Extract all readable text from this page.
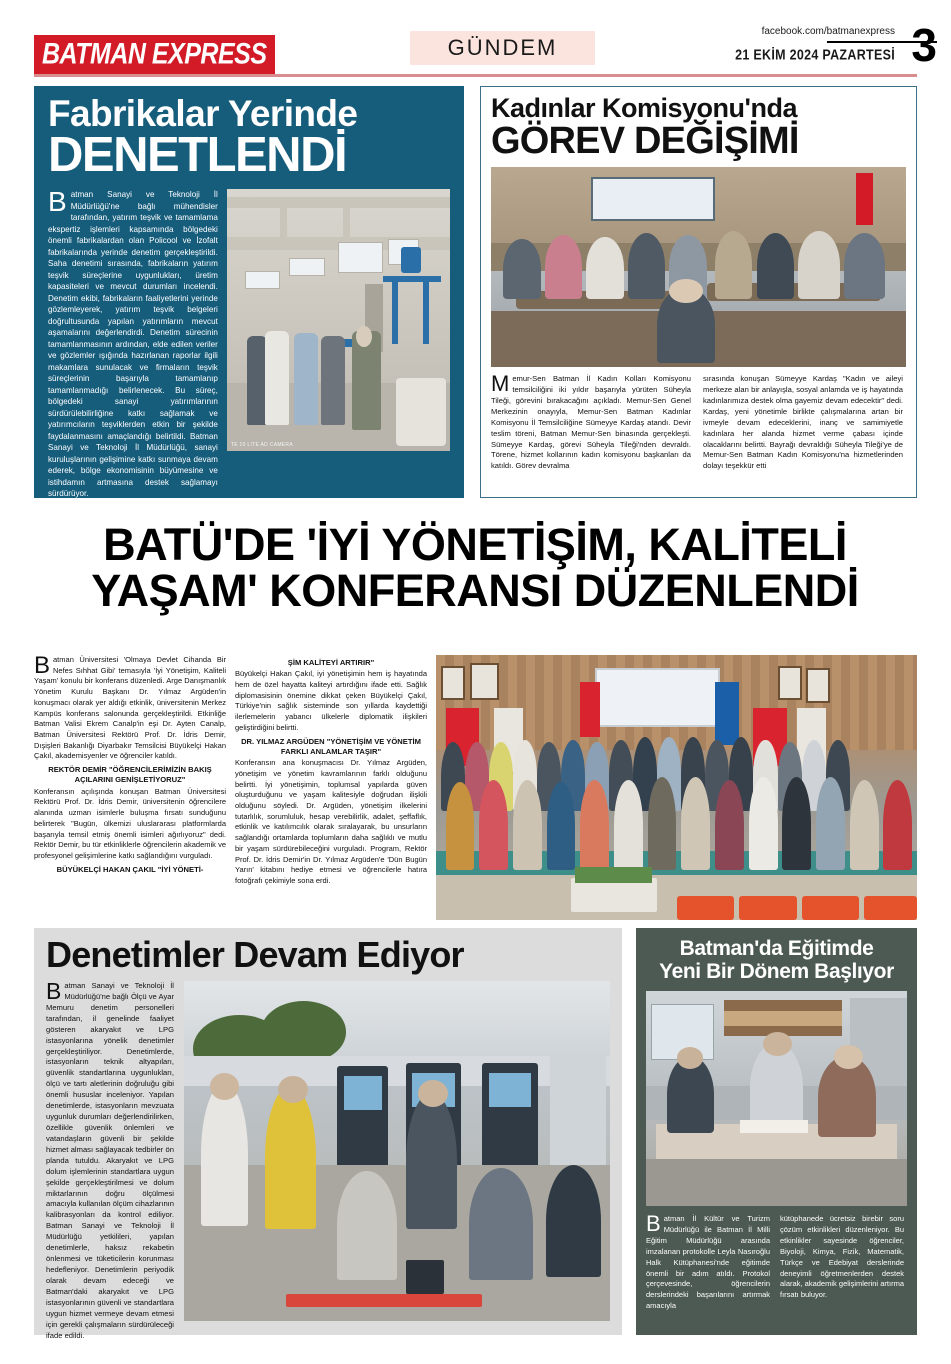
BATMAN EXPRESS	GÜNDEM
facebook.com/batmanexpress
21 EKİM 2024 PAZARTESİ 3
Fabrikalar Yerinde
DENETLENDİ
Batman Sanayi ve Teknoloji İl Müdürlüğü'ne bağlı mühendisler tarafından, yatırım teşvik ve tamamlama ekspertiz işlemleri kapsamında bölgedeki önemli fabrikalardan olan Policool ve İzofalt fabrikalarında yerinde denetim gerçekleştirildi. Saha denetimi sırasında, fabrikaların yatırım teşvik süreçlerine uygunlukları, üretim kapasiteleri ve mevcut durumları incelendi. Denetim ekibi, fabrikaların faaliyetlerini yerinde gözlemleyerek, yatırım teşvik belgeleri doğrultusunda yapılan yatırımların mevcut aşamalarını değerlendirdi. Denetim sürecinin tamamlanmasının ardından, elde edilen veriler ve gözlemler ışığında hazırlanan raporlar ilgili makamlara sunulacak ve firmaların teşvik süreçlerinin başarıyla tamamlanıp tamamlanmadığı belirlenecek. Bu süreç, bölgedeki sanayi yatırımlarının sürdürülebilirliğine katkı sağlamak ve yatırımcıların teşviklerden etkin bir şekilde faydalanmasını amaçlandığı belirtildi. Batman Sanayi ve Teknoloji İl Müdürlüğü, sanayi kuruluşlarının gelişimine katkı sunmaya devam ederek, bölge ekonomisinin büyümesine ve istihdamın artmasına destek sağlamayı sürdürüyor.
TE 10 LITE AD CAMERA
Kadınlar Komisyonu'nda
GÖREV DEĞİŞİMİ
Memur-Sen Batman İl Kadın Kolları Komisyonu temsilciliğini iki yıldır başarıyla yürüten Süheyla Tileği, görevini bırakacağını açıkladı. Memur-Sen Genel Merkezinin onayıyla, Memur-Sen Batman Kadınlar Komisyonu İl Temsilciliğine Sümeyye Kardaş atandı. Devir teslim töreni, Batman Memur-Sen binasında gerçekleşti. Sümeyye Kardaş, görevi Süheyla Tileği'nden devraldı. Törene, hizmet kollarının kadın komisyonu başkanları da katıldı. Görev devralma
sırasında konuşan Sümeyye Kardaş "Kadın ve aileyi merkeze alan bir anlayışla, sosyal anlamda ve iş hayatında kadınlarımıza destek olma gayemiz devam edecektir" dedi. Kardaş, yeni yönetimle birlikte çalışmalarına artan bir ivmeyle devam edeceklerini, inanç ve samimiyetle kadınlara her alanda hizmet verme çabası içinde olacaklarını belirtti. Bayrağı devraldığı Süheyla Tileği'ye de Memur-Sen Batman Kadın Komisyonu'na hizmetlerinden dolayı teşekkür etti
BATÜ'DE 'İYİ YÖNETİŞİM, KALİTELİ
YAŞAM' KONFERANSI DÜZENLENDİ
Batman Üniversitesi 'Olmaya Devlet Cihanda Bir Nefes Sıhhat Gibi' temasıyla 'İyi Yönetişim, Kaliteli Yaşam' konulu bir konferans düzenledi. Arge Danışmanlık Yönetim Kurulu Başkanı Dr. Yılmaz Argüden'in konuşmacı olarak yer aldığı etkinlik, üniversitenin Merkez Kampüs konferans salonunda gerçekleştirildi. Etkinliğe Batman Valisi Ekrem Canalp'in eşi Dr. Ayten Canalp, Batman Üniversitesi Rektörü Prof. Dr. İdris Demir, Dışişleri Bakanlığı Diyarbakır Temsilcisi Büyükelçi Hakan Çakıl, akademisyenler ve öğrenciler katıldı.
REKTÖR DEMİR "ÖĞRENCİLERİMİZİN BAKIŞ AÇILARINI GENİŞLETİYORUZ"
Konferansın açılışında konuşan Batman Üniversitesi Rektörü Prof. Dr. İdris Demir, üniversitenin öğrencilere alanında uzman isimlerle buluşma fırsatı sunduğunu belirterek "Bugün, ülkemizi uluslararası platformlarda başarıyla temsil etmiş önemli isimleri ağırlıyoruz" dedi. Rektör Demir, bu tür etkinliklerle öğrencilerin akademik ve profesyonel gelişimlerine katkı sağlandığını vurguladı.
BÜYÜKELÇİ HAKAN ÇAKIL "İYİ YÖNETİ-
ŞİM KALİTEYİ ARTIRIR"
Büyükelçi Hakan Çakıl, iyi yönetişimin hem iş hayatında hem de özel hayatta kaliteyi artırdığını ifade etti. Sağlık diplomasisinin önemine dikkat çeken Büyükelçi Çakıl, Türkiye'nin sağlık sisteminde son yıllarda kaydettiği ilerlemelerin yabancı ülkelerle diplomatik ilişkileri geliştirdiğini belirtti.
DR. YILMAZ ARGÜDEN "YÖNETİŞİM VE YÖNETİM FARKLI ANLAMLAR TAŞIR"
Konferansın ana konuşmacısı Dr. Yılmaz Argüden, yönetişim ve yönetim kavramlarının farklı olduğunu belirtti. İyi yönetişimin, toplumsal yapılarda güven oluşturduğunu ve yaşam kalitesiyle doğrudan ilişkili olduğunu söyledi. Dr. Argüden, yönetişim ilkelerini tutarlılık, sorumluluk, hesap verebilirlik, adalet, şeffaflık, etkinlik ve katılımcılık olarak sıralayarak, bu unsurların sağlandığı ortamlarda toplumların daha sağlıklı ve mutlu bir yaşam sürdürebileceğini vurguladı. Program, Rektör Prof. Dr. İdris Demir'in Dr. Yılmaz Argüden'e 'Dün Bugün Yarın' kitabını hediye etmesi ve öğrencilerle hatıra fotoğrafı çekimiyle sona erdi.
Denetimler Devam Ediyor
Batman Sanayi ve Teknoloji İl Müdürlüğü'ne bağlı Ölçü ve Ayar Memuru denetim personelleri tarafından, il genelinde faaliyet gösteren akaryakıt ve LPG istasyonlarına yönelik denetimler gerçekleştiriliyor. Denetimlerde, istasyonların teknik altyapıları, güvenlik standartlarına uygunlukları, ölçü ve tartı aletlerinin doğruluğu gibi önemli hususlar inceleniyor. Yapılan denetimlerde, istasyonların mevzuata uygunluk durumları değerlendirilirken, özellikle güvenlik önlemleri ve vatandaşların güvenli bir şekilde hizmet alması sağlayacak tedbirler ön planda tutuldu. Akaryakıt ve LPG dolum işlemlerinin standartlara uygun şekilde gerçekleştirilmesi ve dolum miktarlarının doğru ölçülmesi amacıyla kullanılan ölçüm cihazlarının kalibrasyonları da kontrol ediliyor. Batman Sanayi ve Teknoloji İl Müdürlüğü yetkilileri, yapılan denetimlerle, haksız rekabetin önlenmesi ve tüketicilerin korunması hedefleniyor. Denetimlerin periyodik olarak devam edeceği ve Batman'daki akaryakıt ve LPG istasyonlarının güvenli ve standartlara uygun hizmet vermeye devam etmesi için gerekli çalışmaların sürdürüleceği ifade edildi.
Batman'da Eğitimde
Yeni Bir Dönem Başlıyor
Batman İl Kültür ve Turizm Müdürlüğü ile Batman İl Milli Eğitim Müdürlüğü arasında imzalanan protokolle Leyla Nasıroğlu Halk Kütüphanesi'nde eğitimde önemli bir adım atıldı. Protokol çerçevesinde, öğrencilerin derslerindeki başarılarını artırmak amacıyla
kütüphanede ücretsiz birebir soru çözüm etkinlikleri düzenleniyor. Bu etkinlikler sayesinde öğrenciler, Biyoloji, Kimya, Fizik, Matematik, Türkçe ve Edebiyat derslerinde deneyimli öğretmenlerden destek alarak, akademik gelişimlerini artırma fırsatı buluyor.
